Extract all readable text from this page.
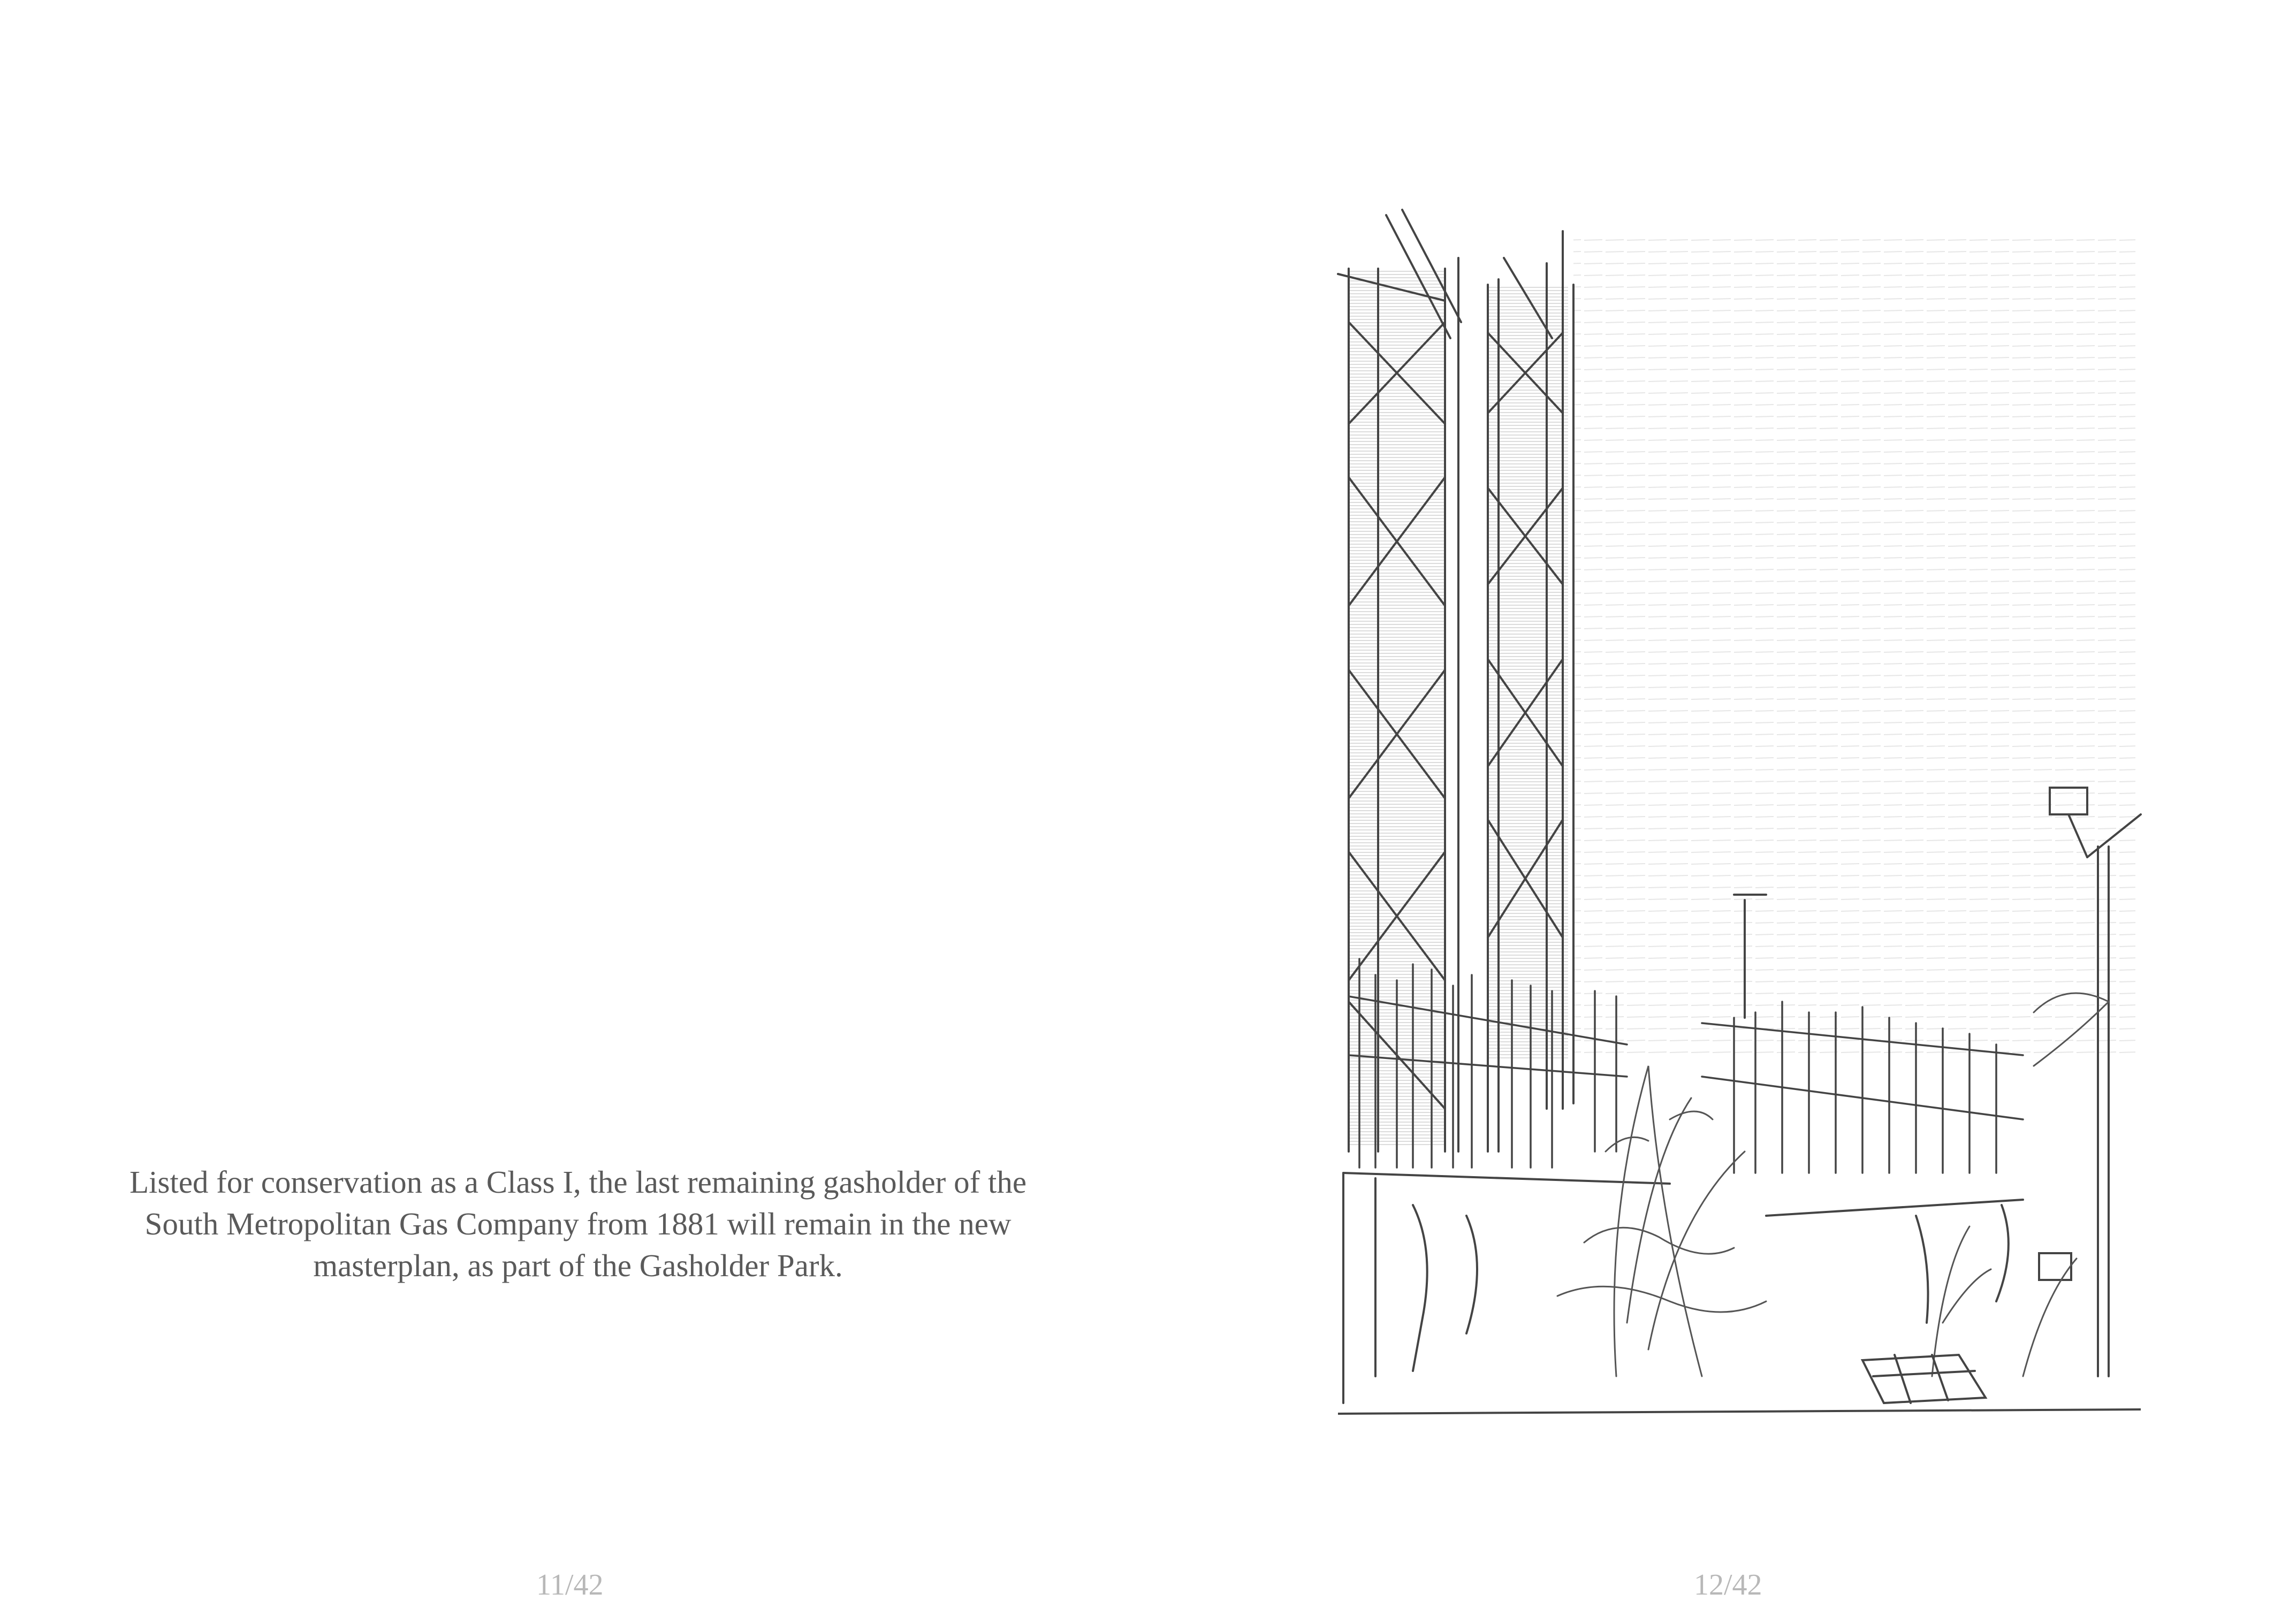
Listed for conservation as a Class I, the last remaining gasholder of the
South Metropolitan Gas Company from 1881 will remain in the new
masterplan, as part of the Gasholder Park.
11/42	12/42
